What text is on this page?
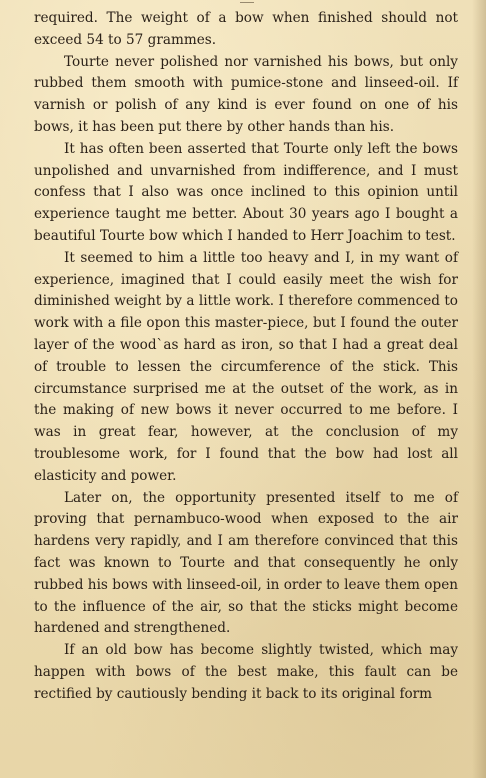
required. The weight of a bow when finished should not exceed 54 to 57 grammes.

Tourte never polished nor varnished his bows, but only rubbed them smooth with pumice-stone and linseed-oil. If varnish or polish of any kind is ever found on one of his bows, it has been put there by other hands than his.

It has often been asserted that Tourte only left the bows unpolished and unvarnished from indifference, and I must confess that I also was once inclined to this opinion until experience taught me better. About 30 years ago I bought a beautiful Tourte bow which I handed to Herr Joachim to test.

It seemed to him a little too heavy and I, in my want of experience, imagined that I could easily meet the wish for diminished weight by a little work. I therefore commenced to work with a file opon this master-piece, but I found the outer layer of the wood`as hard as iron, so that I had a great deal of trouble to lessen the circumference of the stick. This circumstance surprised me at the outset of the work, as in the making of new bows it never occurred to me before. I was in great fear, however, at the conclusion of my troublesome work, for I found that the bow had lost all elasticity and power.

Later on, the opportunity presented itself to me of proving that pernambuco-wood when exposed to the air hardens very rapidly, and I am therefore convinced that this fact was known to Tourte and that consequently he only rubbed his bows with linseed-oil, in order to leave them open to the influence of the air, so that the sticks might become hardened and strengthened.

If an old bow has become slightly twisted, which may happen with bows of the best make, this fault can be rectified by cautiously bending it back to its original form
